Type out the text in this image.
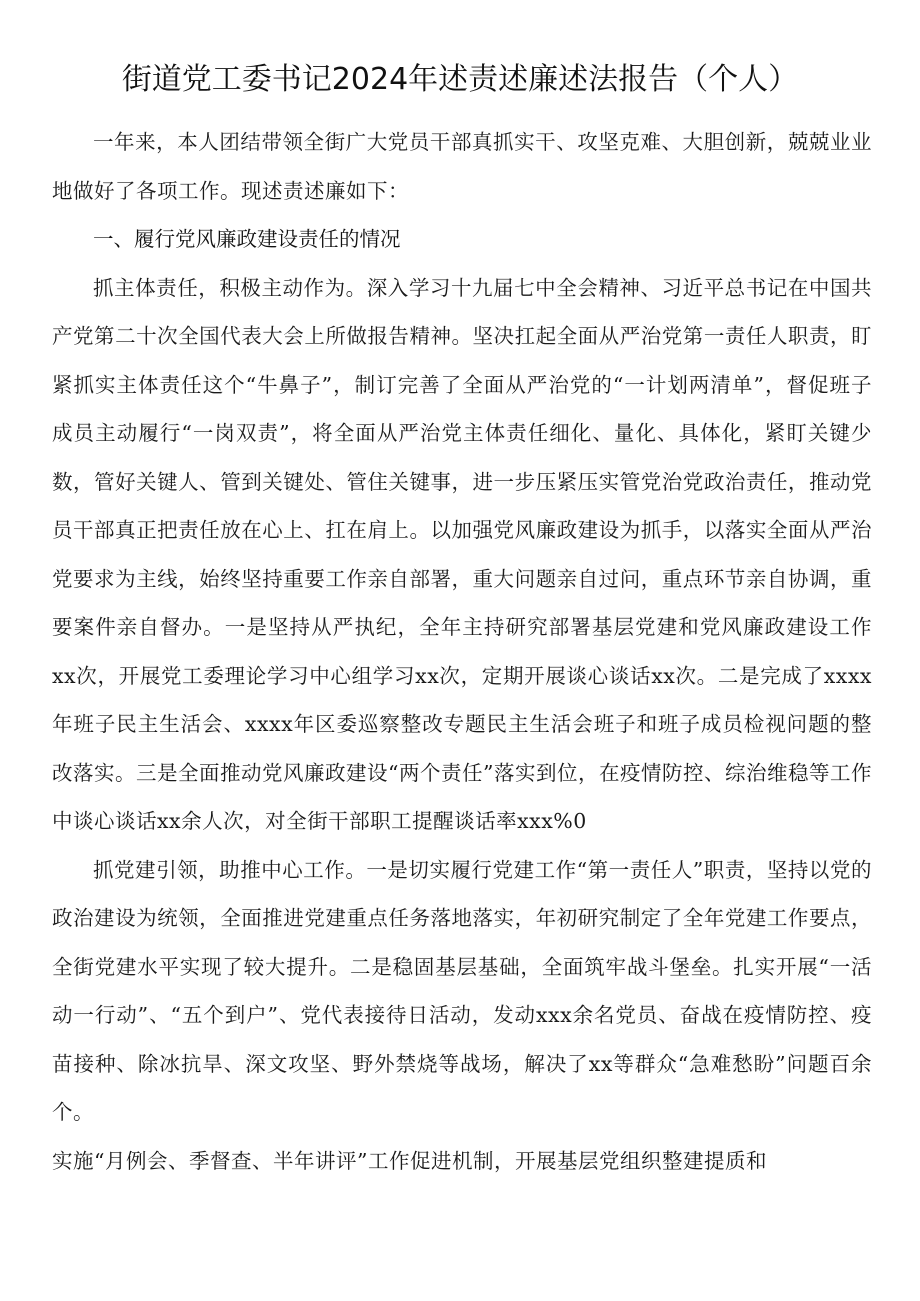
街道党工委书记2024年述责述廉述法报告（个人）

一年来，本人团结带领全街广大党员干部真抓实干、攻坚克难、大胆创新，兢兢业业地做好了各项工作。现述责述廉如下：

一、履行党风廉政建设责任的情况

抓主体责任，积极主动作为。深入学习十九届七中全会精神、习近平总书记在中国共产党第二十次全国代表大会上所做报告精神。坚决扛起全面从严治党第一责任人职责，盯紧抓实主体责任这个“牛鼻子”，制订完善了全面从严治党的“一计划两清单”，督促班子成员主动履行“一岗双责”，将全面从严治党主体责任细化、量化、具体化，紧盯关键少数，管好关键人、管到关键处、管住关键事，进一步压紧压实管党治党政治责任，推动党员干部真正把责任放在心上、扛在肩上。以加强党风廉政建设为抓手，以落实全面从严治党要求为主线，始终坚持重要工作亲自部署，重大问题亲自过问，重点环节亲自协调，重要案件亲自督办。一是坚持从严执纪，全年主持研究部署基层党建和党风廉政建设工作xx次，开展党工委理论学习中心组学习xx次，定期开展谈心谈话xx次。二是完成了xxxx年班子民主生活会、xxxx年区委巡察整改专题民主生活会班子和班子成员检视问题的整改落实。三是全面推动党风廉政建设“两个责任”落实到位，在疫情防控、综治维稳等工作中谈心谈话xx余人次，对全街干部职工提醒谈话率xxx%0

抓党建引领，助推中心工作。一是切实履行党建工作“第一责任人”职责，坚持以党的政治建设为统领，全面推进党建重点任务落地落实，年初研究制定了全年党建工作要点，全街党建水平实现了较大提升。二是稳固基层基础，全面筑牢战斗堡垒。扎实开展“一活动一行动”、“五个到户”、党代表接待日活动，发动xxx余名党员、奋战在疫情防控、疫苗接种、除冰抗旱、深文攻坚、野外禁烧等战场，解决了xx等群众“急难愁盼”问题百余个。

实施“月例会、季督查、半年讲评”工作促进机制，开展基层党组织整建提质和
